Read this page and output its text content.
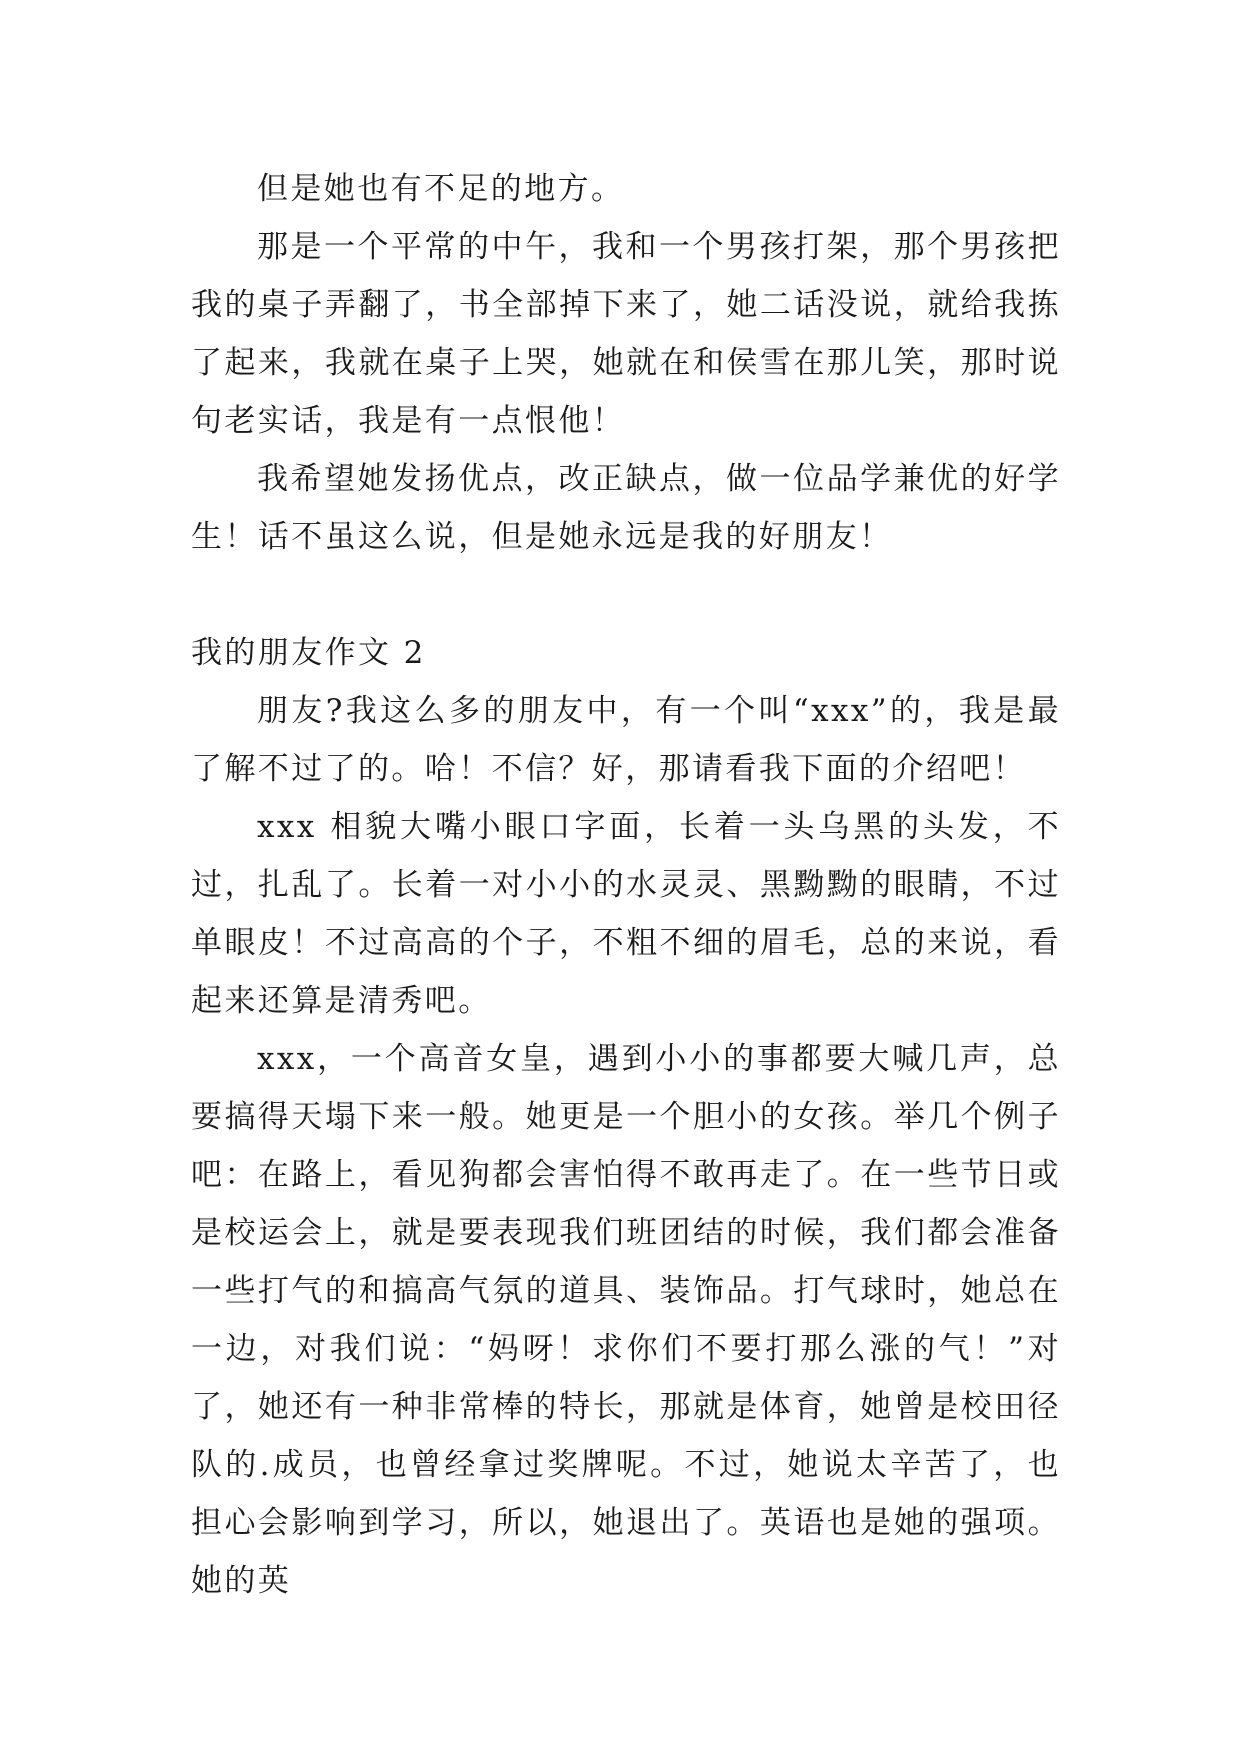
但是她也有不足的地方。

那是一个平常的中午，我和一个男孩打架，那个男孩把我的桌子弄翻了，书全部掉下来了，她二话没说，就给我拣了起来，我就在桌子上哭，她就在和侯雪在那儿笑，那时说句老实话，我是有一点恨他！

我希望她发扬优点，改正缺点，做一位品学兼优的好学生！话不虽这么说，但是她永远是我的好朋友！

我的朋友作文 2

朋友?我这么多的朋友中，有一个叫“xxx”的，我是最了解不过了的。哈！不信？好，那请看我下面的介绍吧！

xxx 相貌大嘴小眼口字面，长着一头乌黑的头发，不过，扎乱了。长着一对小小的水灵灵、黑黝黝的眼睛，不过单眼皮！不过高高的个子，不粗不细的眉毛，总的来说，看起来还算是清秀吧。

xxx，一个高音女皇，遇到小小的事都要大喊几声，总要搞得天塌下来一般。她更是一个胆小的女孩。举几个例子吧：在路上，看见狗都会害怕得不敢再走了。在一些节日或是校运会上，就是要表现我们班团结的时候，我们都会准备一些打气的和搞高气氛的道具、装饰品。打气球时，她总在一边，对我们说：“妈呀！求你们不要打那么涨的气！”对了，她还有一种非常棒的特长，那就是体育，她曾是校田径队的.成员，也曾经拿过奖牌呢。不过，她说太辛苦了，也担心会影响到学习，所以，她退出了。英语也是她的强项。她的英
